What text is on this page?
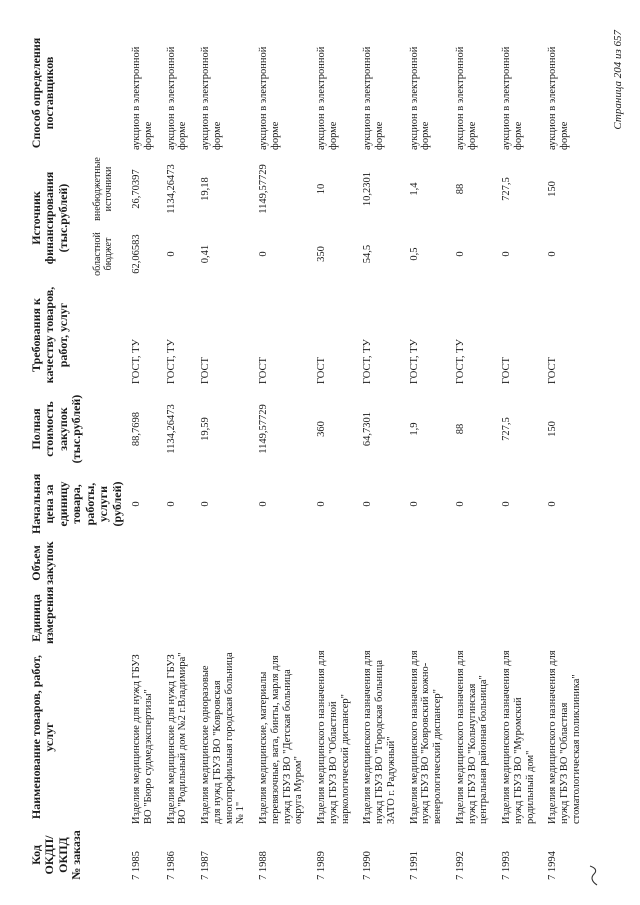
Код ОКДП/ ОКПД № заказа	Наименование товаров, работ, услуг	Единица измерения	Объем закупок	Начальная цена за единицу товара, работы, услуги (рублей)	Полная стоимость закупок (тыс.рублей)	Требования к качеству товаров, работ, услуг	Источник финансирования (тыс.рублей)		Способ определения поставщиков
							областной бюджет	внебюджетные источники	
7 1985	Изделия медицинские для нужд ГБУЗ ВО "Бюро судмедэкспертизы"			0	88,7698	ГОСТ, ТУ	62,06583	26,70397	аукцион в электронной форме
7 1986	Изделия медицинские для нужд ГБУЗ ВО "Родильный дом №2 г.Владимира"			0	1134,26473	ГОСТ, ТУ	0	1134,26473	аукцион в электронной форме
7 1987	Изделия медицинские одноразовые для нужд ГБУЗ ВО "Ковровская многопрофильная городская больница № 1"			0	19,59	ГОСТ	0,41	19,18	аукцион в электронной форме
7 1988	Изделия медицинские, материалы перевязочные, вата, бинты, марля для нужд ГБУЗ ВО "Детская больница округа Муром"			0	1149,57729	ГОСТ	0	1149,57729	аукцион в электронной форме
7 1989	Изделия медицинского назначения для нужд ГБУЗ ВО "Областной наркологический диспансер"			0	360	ГОСТ	350	10	аукцион в электронной форме
7 1990	Изделия медицинского назначения для нужд ГБУЗ ВО "Городская больница ЗАТО г. Радужный"			0	64,7301	ГОСТ, ТУ	54,5	10,2301	аукцион в электронной форме
7 1991	Изделия медицинского назначения для нужд ГБУЗ ВО "Ковровский кожно-венерологический диспансер"			0	1,9	ГОСТ, ТУ	0,5	1,4	аукцион в электронной форме
7 1992	Изделия медицинского назначения для нужд ГБУЗ ВО "Кольчугинская центральная районная больница"			0	88	ГОСТ, ТУ	0	88	аукцион в электронной форме
7 1993	Изделия медицинского назначения для нужд ГБУЗ ВО "Муромский родильный дом"			0	727,5	ГОСТ	0	727,5	аукцион в электронной форме
7 1994	Изделия медицинского назначения для нужд ГБУЗ ВО "Областная стоматологическая поликлиника"			0	150	ГОСТ	0	150	аукцион в электронной форме
Страница 204 из 657
